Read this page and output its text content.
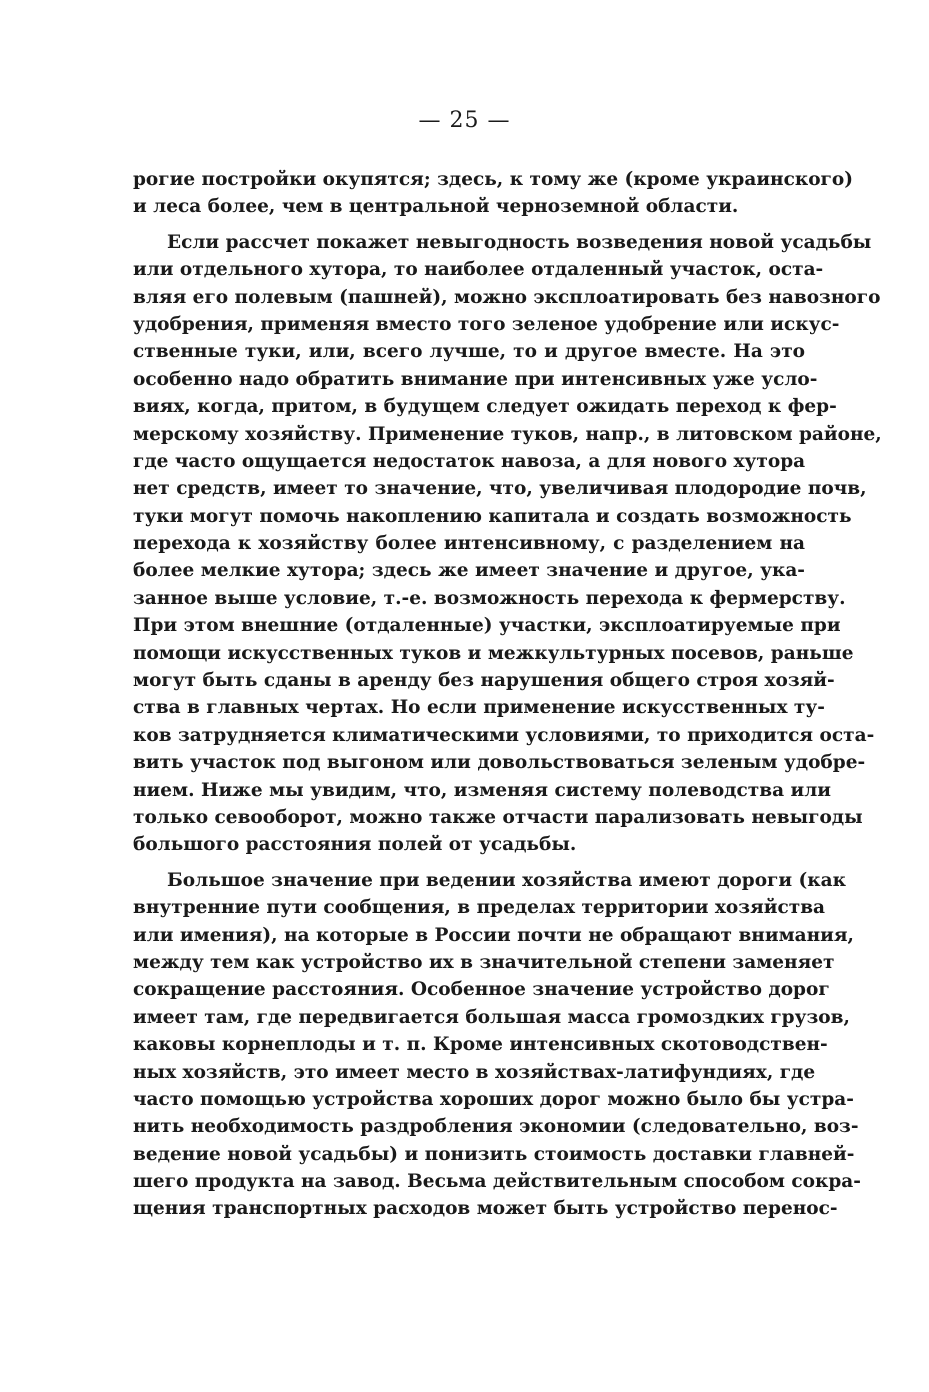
— 25 —
рогие постройки окупятся; здесь, к тому же (кроме украинского)
и леса более, чем в центральной черноземной области.
Если рассчет покажет невыгодность возведения новой усадьбы
или отдельного хутора, то наиболее отдаленный участок, оста-
вляя его полевым (пашней), можно эксплоатировать без навозного
удобрения, применяя вместо того зеленое удобрение или искус-
ственные туки, или, всего лучше, то и другое вместе. На это
особенно надо обратить внимание при интенсивных уже усло-
виях, когда, притом, в будущем следует ожидать переход к фер-
мерскому хозяйству. Применение туков, напр., в литовском районе,
где часто ощущается недостаток навоза, а для нового хутора
нет средств, имеет то значение, что, увеличивая плодородие почв,
туки могут помочь накоплению капитала и создать возможность
перехода к хозяйству более интенсивному, с разделением на
более мелкие хутора; здесь же имеет значение и другое, ука-
занное выше условие, т.-е. возможность перехода к фермерству.
При этом внешние (отдаленные) участки, эксплоатируемые при
помощи искусственных туков и межкультурных посевов, раньше
могут быть сданы в аренду без нарушения общего строя хозяй-
ства в главных чертах. Но если применение искусственных ту-
ков затрудняется климатическими условиями, то приходится оста-
вить участок под выгоном или довольствоваться зеленым удобре-
нием. Ниже мы увидим, что, изменяя систему полеводства или
только севооборот, можно также отчасти парализовать невыгоды
большого расстояния полей от усадьбы.
Большое значение при ведении хозяйства имеют дороги (как
внутренние пути сообщения, в пределах территории хозяйства
или имения), на которые в России почти не обращают внимания,
между тем как устройство их в значительной степени заменяет
сокращение расстояния. Особенное значение устройство дорог
имеет там, где передвигается большая масса громоздких грузов,
каковы корнеплоды и т. п. Кроме интенсивных скотоводствен-
ных хозяйств, это имеет место в хозяйствах-латифундиях, где
часто помощью устройства хороших дорог можно было бы устра-
нить необходимость раздробления экономии (следовательно, воз-
ведение новой усадьбы) и понизить стоимость доставки главней-
шего продукта на завод. Весьма действительным способом сокра-
щения транспортных расходов может быть устройство перенос-
